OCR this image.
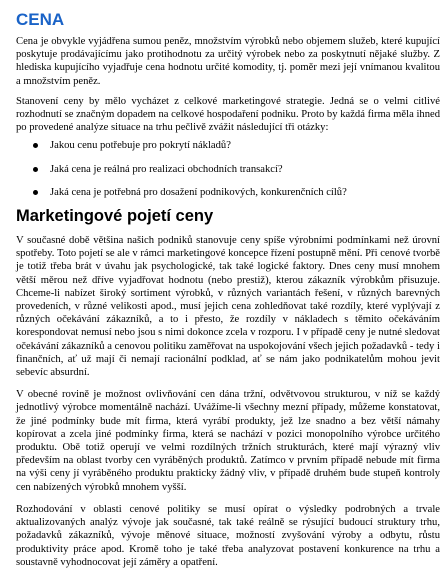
CENA

Cena je obvykle vyjádřena sumou peněz, množstvím výrobků nebo objemem služeb, které kupující poskytuje prodávajícímu jako protihodnotu za určitý výrobek nebo za poskytnutí nějaké služby. Z hlediska kupujícího vyjadřuje cena hodnotu určité komodity, tj. poměr mezi její vnímanou kvalitou a množstvím peněz.

Stanovení ceny by mělo vycházet z celkové marketingové strategie. Jedná se o velmi citlivé rozhodnutí se značným dopadem na celkové hospodaření podniku. Proto by každá firma měla ihned po provedené analýze situace na trhu pečlivě zvážit následující tři otázky:

Jakou cenu potřebuje pro pokrytí nákladů?
Jaká cena je reálná pro realizaci obchodních transakcí?
Jaká cena je potřebná pro dosažení podnikových, konkurenčních cílů?
Marketingové pojetí ceny

V současné době většina našich podniků stanovuje ceny spíše výrobními podmínkami než úrovní spotřeby. Toto pojetí se ale v rámci marketingové koncepce řízení postupně mění. Při cenové tvorbě je totiž třeba brát v úvahu jak psychologické, tak také logické faktory. Dnes ceny musí mnohem větší měrou než dříve vyjadřovat hodnotu (nebo prestiž), kterou zákazník výrobkům přisuzuje. Chceme-li nabízet široký sortiment výrobků, v různých variantách řešení, v různých barevných provedeních, v různé velikosti apod., musí jejich cena zohledňovat také rozdíly, které vyplývají z různých očekávání zákazníků, a to i přesto, že rozdíly v nákladech s těmito očekáváním korespondovat nemusí nebo jsou s nimi dokonce zcela v rozporu. I v případě ceny je nutné sledovat očekávání zákazníků a cenovou politiku zaměřovat na uspokojování všech jejich požadavků - tedy i finančních, ať už mají či nemají racionální podklad, ať se nám jako podnikatelům mohou jevit sebevíc absurdní.

V obecné rovině je možnost ovlivňování cen dána tržní, odvětvovou strukturou, v níž se každý jednotlivý výrobce momentálně nachází. Uvážíme-li všechny mezní případy, můžeme konstatovat, že jiné podmínky bude mít firma, která vyrábí produkty, jež lze snadno a bez větší námahy kopírovat a zcela jiné podmínky firma, která se nachází v pozici monopolního výrobce určitého produktu. Obě totiž operují ve velmi rozdílných tržních strukturách, které mají výrazný vliv především na oblast tvorby cen vyráběných produktů. Zatímco v prvním případě nebude mít firma na výši ceny jí vyráběného produktu prakticky žádný vliv, v případě druhém bude stupeň kontroly cen nabízených výrobků mnohem vyšší.

Rozhodování v oblasti cenové politiky se musí opírat o výsledky podrobných a trvale aktualizovaných analýz vývoje jak současné, tak také reálně se rýsující budoucí struktury trhu, požadavků zákazníků, vývoje měnové situace, možností zvyšování výroby a odbytu, růstu produktivity práce apod. Kromě toho je také třeba analyzovat postavení konkurence na trhu a soustavně vyhodnocovat její záměry a opatření.
